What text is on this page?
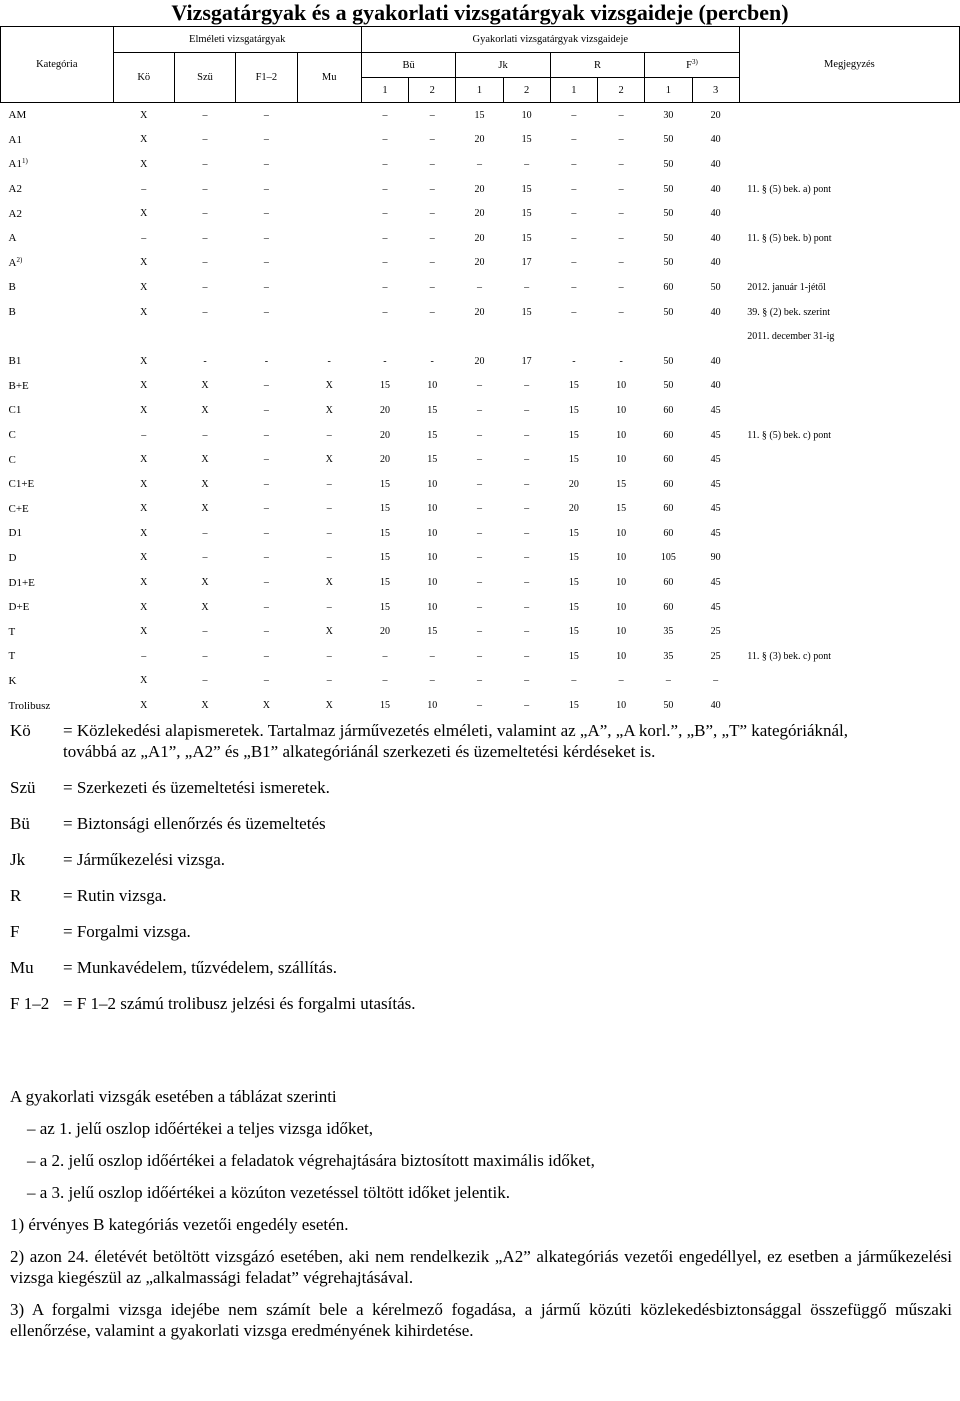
Vizsgatárgyak és a gyakorlati vizsgatárgyak vizsgaideje (percben)
Kategória	Elméleti vizsgatárgyak				Gyakorlati vizsgatárgyak vizsgaideje								Megjegyzés
	Kö	Szü	F1–2	Mu	Bü		Jk		R		$F^{3)}$
					1	2	1	2	1	2	1	3	
AM	X	–	–		–	–	15	10	–	–	30	20	
A1	X	–	–		–	–	20	15	–	–	50	40	
A1$^{1)}$	X	–	–		–	–	–	–	–	–	50	40	
A2	–	–	–		–	–	20	15	–	–	50	40	11. § (5) bek. a) pont
A2	X	–	–		–	–	20	15	–	–	50	40	
A	–	–	–		–	–	20	15	–	–	50	40	11. § (5) bek. b) pont
$A^{2)}$	X	–	–		–	–	20	17	–	–	50	40	
B	X	–	–		–	–	–	–	–	–	60	50	2012. január 1-jétől
B	X	–	–		–	–	20	15	–	–	50	40	39. § (2) bek. szerint
													2011. december 31-ig
B1	X	-	-	-	-	-	20	17	-	-	50	40	
B+E	X	X	–	X	15	10	–	–	15	10	50	40	
C1	X	X	–	X	20	15	–	–	15	10	60	45	
C	–	–	–	–	20	15	–	–	15	10	60	45	11. § (5) bek. c) pont
C	X	X	–	X	20	15	–	–	15	10	60	45	
C1+E	X	X	–	–	15	10	–	–	20	15	60	45	
C+E	X	X	–	–	15	10	–	–	20	15	60	45	
D1	X	–	–	–	15	10	–	–	15	10	60	45	
D	X	–	–	–	15	10	–	–	15	10	105	90	
D1+E	X	X	–	X	15	10	–	–	15	10	60	45	
D+E	X	X	–	–	15	10	–	–	15	10	60	45	
T	X	–	–	X	20	15	–	–	15	10	35	25	
T	–	–	–	–	–	–	–	–	15	10	35	25	11. § (3) bek. c) pont
K	X	–	–	–	–	–	–	–	–	–	–	–	
Trolibusz	X	X	X	X	15	10	–	–	15	10	50	40	
Kö	= Közlekedési alapismeretek. Tartalmaz járművezetés elméleti, valamint az „A”, „A korl.”, „B”, „T” kategóriáknál, továbbá az „A1”, „A2” és „B1” alkategóriánál szerkezeti és üzemeltetési kérdéseket is.
Szü	= Szerkezeti és üzemeltetési ismeretek.
Bü	= Biztonsági ellenőrzés és üzemeltetés
Jk	= Járműkezelési vizsga.
R	= Rutin vizsga.
F	= Forgalmi vizsga.
Mu	= Munkavédelem, tűzvédelem, szállítás.
F 1–2 = F 1–2 számú trolibusz jelzési és forgalmi utasítás.

A gyakorlati vizsgák esetében a táblázat szerinti

– az 1. jelű oszlop időértékei a teljes vizsga időket,

– a 2. jelű oszlop időértékei a feladatok végrehajtására biztosított maximális időket,

– a 3. jelű oszlop időértékei a közúton vezetéssel töltött időket jelentik.

1) érvényes B kategóriás vezetői engedély esetén.

2) azon 24. életévét betöltött vizsgázó esetében, aki nem rendelkezik „A2” alkategóriás vezetői engedéllyel, ez esetben a járműkezelési vizsga kiegészül az „alkalmassági feladat” végrehajtásával.

3) A forgalmi vizsga idejébe nem számít bele a kérelmező fogadása, a jármű közúti közlekedésbiztonsággal összefüggő műszaki ellenőrzése, valamint a gyakorlati vizsga eredményének kihirdetése.
